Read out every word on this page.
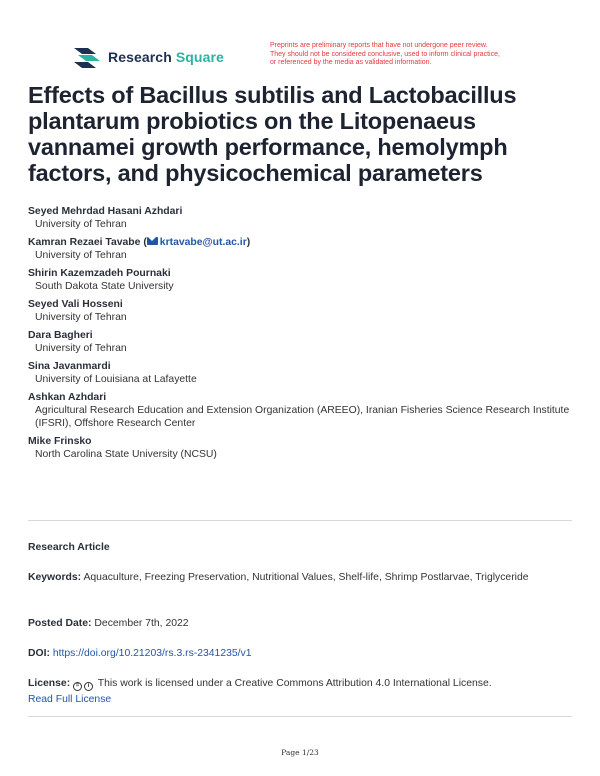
Research Square
Preprints are preliminary reports that have not undergone peer review.
They should not be considered conclusive, used to inform clinical practice,
or referenced by the media as validated information.
Effects of Bacillus subtilis and Lactobacillus plantarum probiotics on the Litopenaeus vannamei growth performance, hemolymph factors, and physicochemical parameters
Seyed Mehrdad Hasani Azhdari
University of Tehran
Kamran Rezaei Tavabe ( krtavabe@ut.ac.ir)
University of Tehran
Shirin Kazemzadeh Pournaki
South Dakota State University
Seyed Vali Hosseni
University of Tehran
Dara Bagheri
University of Tehran
Sina Javanmardi
University of Louisiana at Lafayette
Ashkan Azhdari
Agricultural Research Education and Extension Organization (AREEO), Iranian Fisheries Science Research Institute (IFSRI), Offshore Research Center
Mike Frinsko
North Carolina State University (NCSU)
Research Article
Keywords: Aquaculture, Freezing Preservation, Nutritional Values, Shelf-life, Shrimp Postlarvae, Triglyceride
Posted Date: December 7th, 2022
DOI: https://doi.org/10.21203/rs.3.rs-2341235/v1
License: = i This work is licensed under a Creative Commons Attribution 4.0 International License.
Read Full License
Page 1/23
